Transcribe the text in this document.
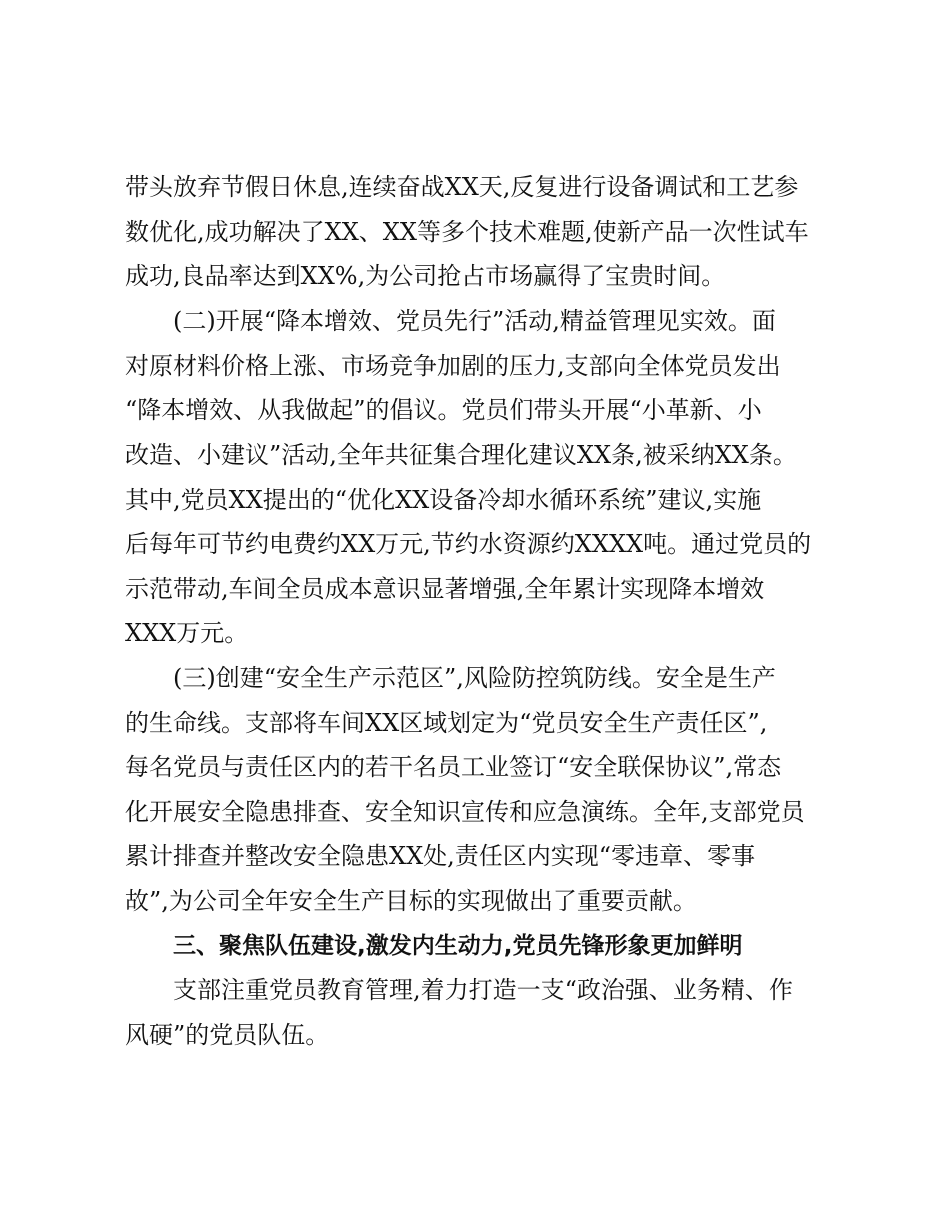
带头放弃节假日休息,连续奋战XX天,反复进行设备调试和工艺参
数优化,成功解决了XX、XX等多个技术难题,使新产品一次性试车
成功,良品率达到XX%,为公司抢占市场赢得了宝贵时间。
(二)开展“降本增效、党员先行”活动,精益管理见实效。面
对原材料价格上涨、市场竞争加剧的压力,支部向全体党员发出
“降本增效、从我做起”的倡议。党员们带头开展“小革新、小
改造、小建议”活动,全年共征集合理化建议XX条,被采纳XX条。
其中,党员XX提出的“优化XX设备冷却水循环系统”建议,实施
后每年可节约电费约XX万元,节约水资源约XXXX吨。通过党员的
示范带动,车间全员成本意识显著增强,全年累计实现降本增效
XXX万元。
(三)创建“安全生产示范区”,风险防控筑防线。安全是生产
的生命线。支部将车间XX区域划定为“党员安全生产责任区”,
每名党员与责任区内的若干名员工业签订“安全联保协议”,常态
化开展安全隐患排查、安全知识宣传和应急演练。全年,支部党员
累计排查并整改安全隐患XX处,责任区内实现“零违章、零事
故”,为公司全年安全生产目标的实现做出了重要贡献。
三、聚焦队伍建设,激发内生动力,党员先锋形象更加鲜明
支部注重党员教育管理,着力打造一支“政治强、业务精、作
风硬”的党员队伍。
